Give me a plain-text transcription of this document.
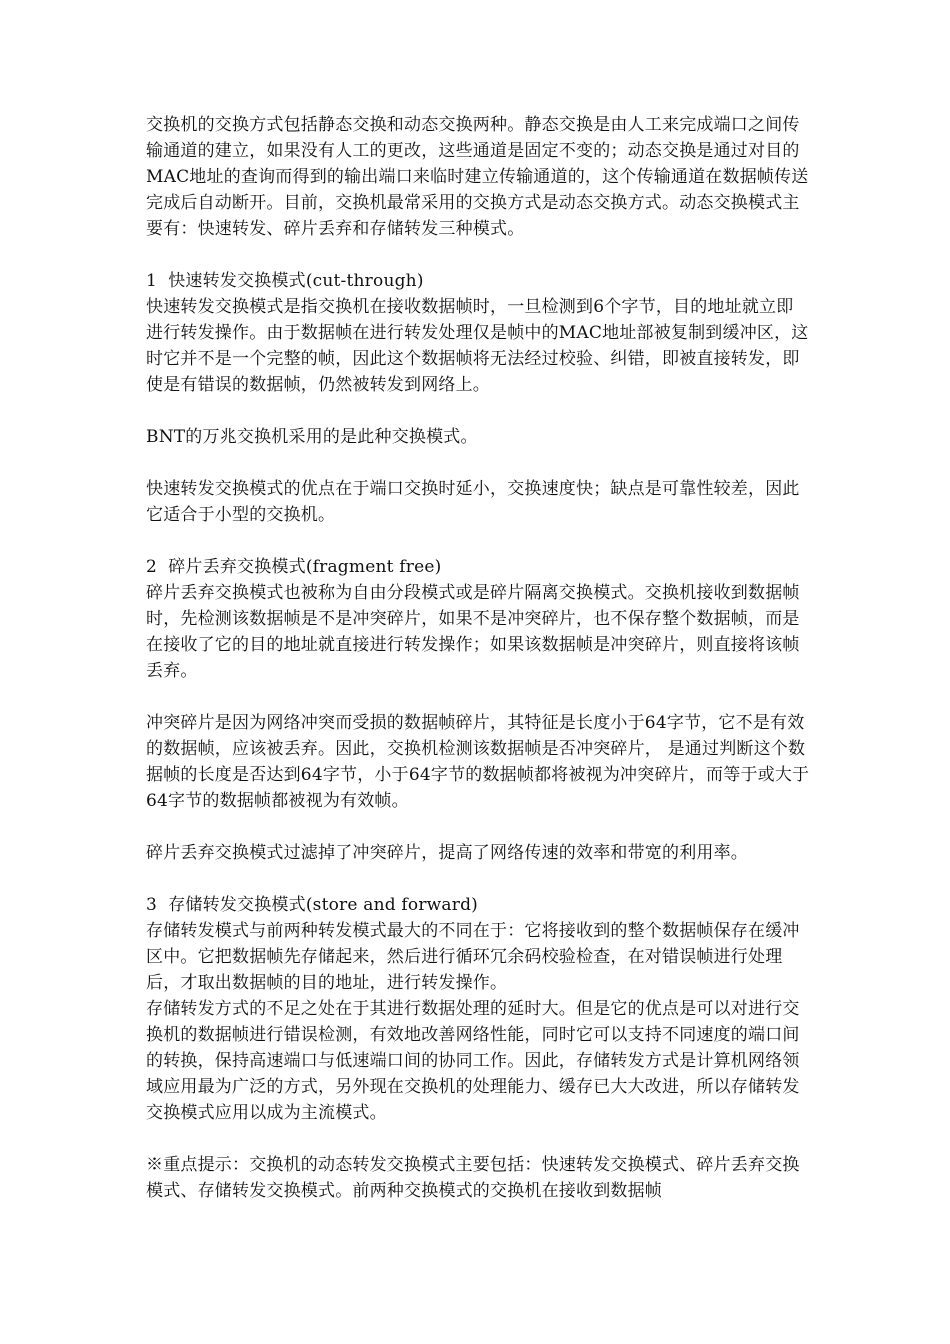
交换机的交换方式包括静态交换和动态交换两种。静态交换是由人工来完成端口之间传输通道的建立，如果没有人工的更改，这些通道是固定不变的；动态交换是通过对目的MAC地址的查询而得到的输出端口来临时建立传输通道的，这个传输通道在数据帧传送完成后自动断开。目前，交换机最常采用的交换方式是动态交换方式。动态交换模式主要有：快速转发、碎片丢弃和存储转发三种模式。

1  快速转发交换模式(cut-through)

快速转发交换模式是指交换机在接收数据帧时，一旦检测到6个字节，目的地址就立即进行转发操作。由于数据帧在进行转发处理仅是帧中的MAC地址部被复制到缓冲区，这时它并不是一个完整的帧，因此这个数据帧将无法经过校验、纠错，即被直接转发，即使是有错误的数据帧，仍然被转发到网络上。

BNT的万兆交换机采用的是此种交换模式。

快速转发交换模式的优点在于端口交换时延小，交换速度快；缺点是可靠性较差，因此它适合于小型的交换机。

2  碎片丢弃交换模式(fragment free)

碎片丢弃交换模式也被称为自由分段模式或是碎片隔离交换模式。交换机接收到数据帧时，先检测该数据帧是不是冲突碎片，如果不是冲突碎片，也不保存整个数据帧，而是在接收了它的目的地址就直接进行转发操作；如果该数据帧是冲突碎片，则直接将该帧丢弃。

冲突碎片是因为网络冲突而受损的数据帧碎片，其特征是长度小于64字节，它不是有效的数据帧，应该被丢弃。因此，交换机检测该数据帧是否冲突碎片， 是通过判断这个数据帧的长度是否达到64字节，小于64字节的数据帧都将被视为冲突碎片，而等于或大于64字节的数据帧都被视为有效帧。

碎片丢弃交换模式过滤掉了冲突碎片，提高了网络传速的效率和带宽的利用率。

3  存储转发交换模式(store and forward)

存储转发模式与前两种转发模式最大的不同在于：它将接收到的整个数据帧保存在缓冲区中。它把数据帧先存储起来，然后进行循环冗余码校验检查，在对错误帧进行处理后，才取出数据帧的目的地址，进行转发操作。

存储转发方式的不足之处在于其进行数据处理的延时大。但是它的优点是可以对进行交换机的数据帧进行错误检测，有效地改善网络性能，同时它可以支持不同速度的端口间的转换，保持高速端口与低速端口间的协同工作。因此，存储转发方式是计算机网络领域应用最为广泛的方式，另外现在交换机的处理能力、缓存已大大改进，所以存储转发交换模式应用以成为主流模式。

※重点提示：交换机的动态转发交换模式主要包括：快速转发交换模式、碎片丢弃交换模式、存储转发交换模式。前两种交换模式的交换机在接收到数据帧
